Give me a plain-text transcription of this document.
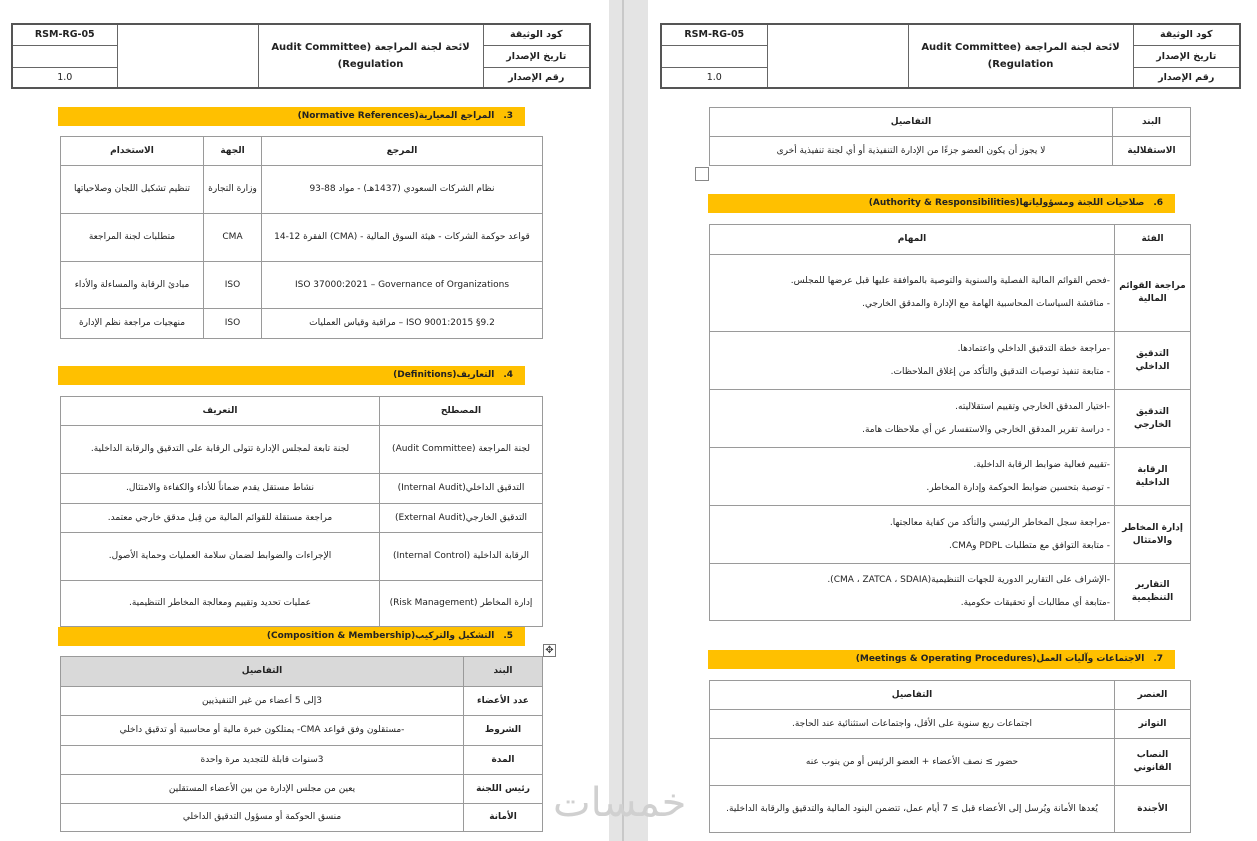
كود الوثيقة	لائحة لجنة المراجعة (Audit Committee Regulation)		RSM-RG-05
تاريخ الإصدار			
رقم الإصدار			1.0
3.المراجع المعيارية(Normative References)
المرجع	الجهة	الاستخدام
نظام الشركات السعودي (1437هـ) - مواد 88-93	وزارة التجارة	تنظيم تشكيل اللجان وصلاحياتها
قواعد حوكمة الشركات - هيئة السوق المالية - (CMA) الفقرة 12-14	CMA	متطلبات لجنة المراجعة
ISO 37000:2021 – Governance of Organizations	ISO	مبادئ الرقابة والمساءلة والأداء
ISO 9001:2015 §9.2 – مراقبة وقياس العمليات	ISO	منهجيات مراجعة نظم الإدارة
4.التعاريف(Definitions)
المصطلح	التعريف
لجنة المراجعة (Audit Committee)	لجنة تابعة لمجلس الإدارة تتولى الرقابة على التدقيق والرقابة الداخلية.
التدقيق الداخلي(Internal Audit)	نشاط مستقل يقدم ضماناً للأداء والكفاءة والامتثال.
التدقيق الخارجي(External Audit)	مراجعة مستقلة للقوائم المالية من قِبل مدقق خارجي معتمد.
الرقابة الداخلية (Internal Control)	الإجراءات والضوابط لضمان سلامة العمليات وحماية الأصول.
إدارة المخاطر (Risk Management)	عمليات تحديد وتقييم ومعالجة المخاطر التنظيمية.
5.التشكيل والتركيب(Composition & Membership)
✥
البند	التفاصيل
عدد الأعضاء	3إلى 5 أعضاء من غير التنفيذيين
الشروط	-مستقلون وفق قواعد CMA- يمتلكون خبرة مالية أو محاسبية أو تدقيق داخلي
المدة	3سنوات قابلة للتجديد مرة واحدة
رئيس اللجنة	يعين من مجلس الإدارة من بين الأعضاء المستقلين
الأمانة	منسق الحوكمة أو مسؤول التدقيق الداخلي
كود الوثيقة	لائحة لجنة المراجعة (Audit Committee Regulation)		RSM-RG-05
تاريخ الإصدار			
رقم الإصدار			1.0
البند	التفاصيل
الاستقلالية	لا يجوز أن يكون العضو جزءًا من الإدارة التنفيذية أو أي لجنة تنفيذية أخرى
6.صلاحيات اللجنة ومسؤولياتها(Authority & Responsibilities)
الفئة	المهام
مراجعة القوائم المالية	-فحص القوائم المالية الفصلية والسنوية والتوصية بالموافقة عليها قبل عرضها للمجلس.

- مناقشة السياسات المحاسبية الهامة مع الإدارة والمدقق الخارجي.

التدقيق الداخلي	-مراجعة خطة التدقيق الداخلي واعتمادها.

- متابعة تنفيذ توصيات التدقيق والتأكد من إغلاق الملاحظات.

التدقيق الخارجي	-اختيار المدقق الخارجي وتقييم استقلاليته.

- دراسة تقرير المدقق الخارجي والاستفسار عن أي ملاحظات هامة.

الرقابة الداخلية	-تقييم فعالية ضوابط الرقابة الداخلية.

- توصية بتحسين ضوابط الحوكمة وإدارة المخاطر.

إدارة المخاطر والامتثال	-مراجعة سجل المخاطر الرئيسي والتأكد من كفاية معالجتها.

- متابعة التوافق مع متطلبات PDPL وCMA.

التقارير التنظيمية	-الإشراف على التقارير الدورية للجهات التنظيمية(CMA ، ZATCA ، SDAIA).

-متابعة أي مطالبات أو تحقيقات حكومية.

7.الاجتماعات وآليات العمل(Meetings & Operating Procedures)
العنصر	التفاصيل
التواتر	اجتماعات ربع سنوية على الأقل، واجتماعات استثنائية عند الحاجة.
النصاب القانوني	حضور ≥ نصف الأعضاء + العضو الرئيس أو من ينوب عنه
الأجندة	يُعدها الأمانة ويُرسل إلى الأعضاء قبل ≥ 7 أيام عمل، تتضمن البنود المالية والتدقيق والرقابة الداخلية.
خمسات
